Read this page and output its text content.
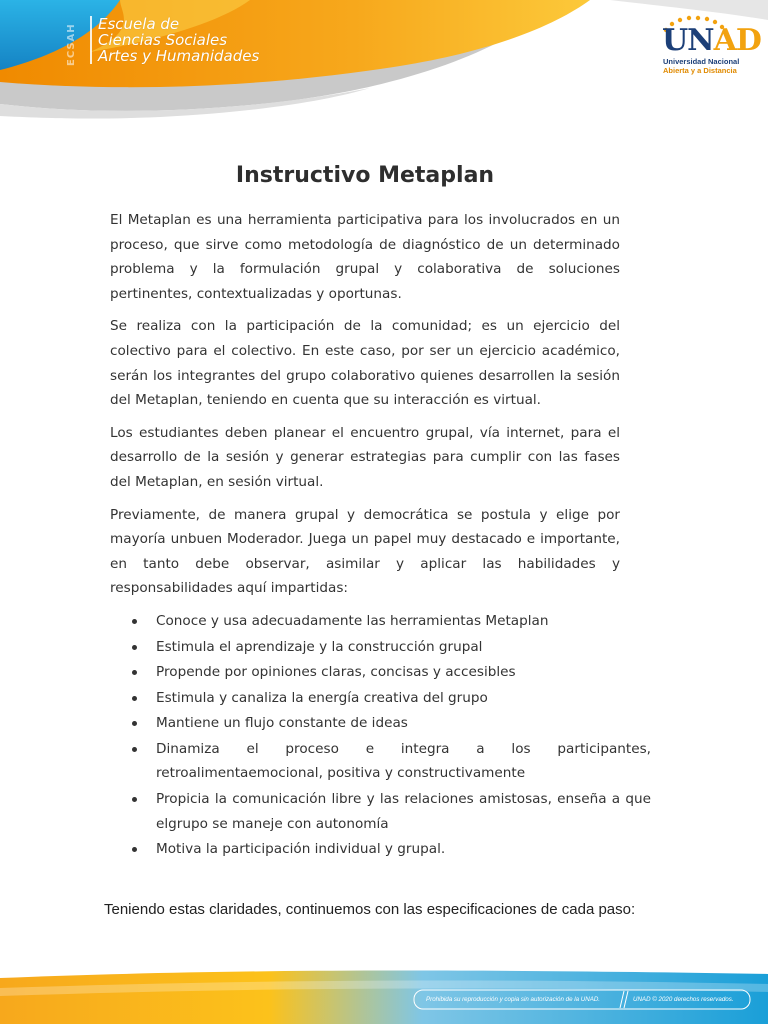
ECSAH Escuela de
Ciencias Sociales
Artes y Humanidades	UNAD
Universidad Nacional
Abierta y a Distancia
Instructivo Metaplan

El Metaplan es una herramienta participativa para los involucrados en un proceso, que sirve como metodología de diagnóstico de un determinado problema y la formulación grupal y colaborativa de soluciones pertinentes, contextualizadas y oportunas.

Se realiza con la participación de la comunidad; es un ejercicio del colectivo para el colectivo. En este caso, por ser un ejercicio académico, serán los integrantes del grupo colaborativo quienes desarrollen la sesión del Metaplan, teniendo en cuenta que su interacción es virtual.

Los estudiantes deben planear el encuentro grupal, vía internet, para el desarrollo de la sesión y generar estrategias para cumplir con las fases del Metaplan, en sesión virtual.

Previamente, de manera grupal y democrática se postula y elige por mayoría unbuen Moderador. Juega un papel muy destacado e importante, en tanto debe observar, asimilar y aplicar las habilidades y responsabilidades aquí impartidas:

Conoce y usa adecuadamente las herramientas Metaplan
Estimula el aprendizaje y la construcción grupal
Propende por opiniones claras, concisas y accesibles
Estimula y canaliza la energía creativa del grupo
Mantiene un flujo constante de ideas
Dinamiza el proceso e integra a los participantes, retroalimentaemocional, positiva y constructivamente
Propicia la comunicación libre y las relaciones amistosas, enseña a que elgrupo se maneje con autonomía
Motiva la participación individual y grupal.

Teniendo estas claridades, continuemos con las especificaciones de cada paso:

Prohibida su reproducción y copia sin autorización de la UNAD.	UNAD © 2020 derechos reservados.
